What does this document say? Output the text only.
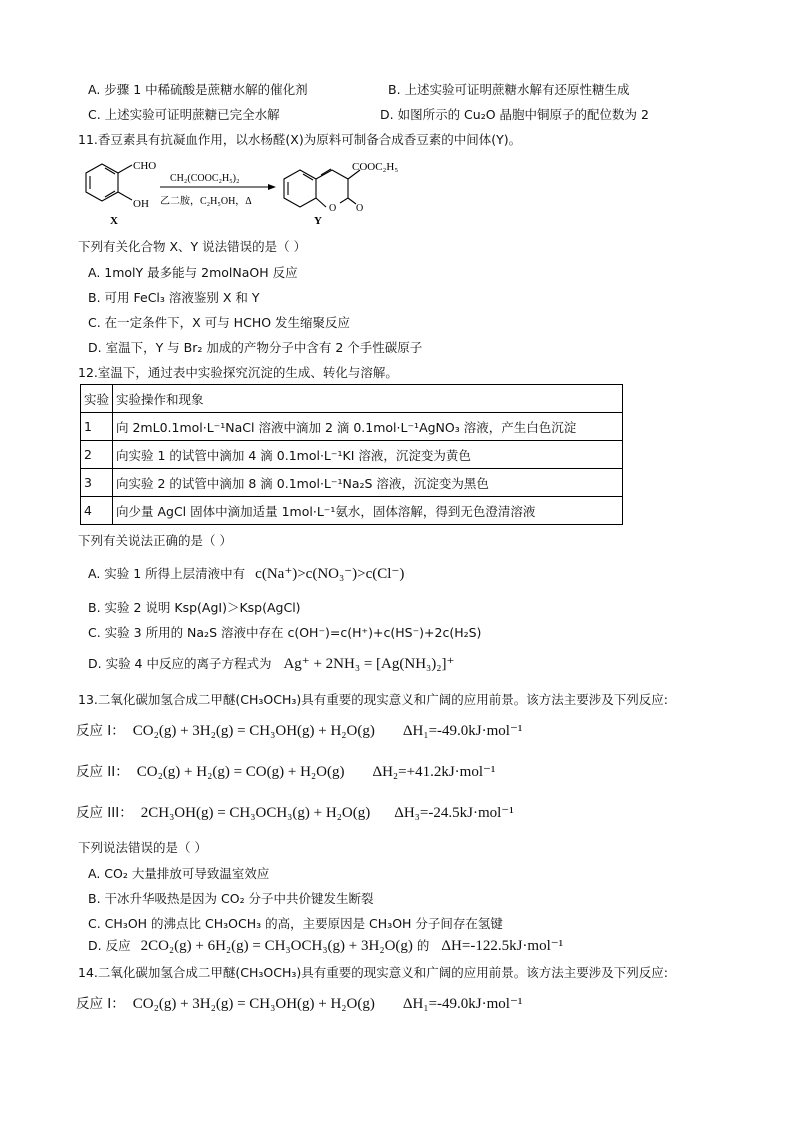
A. 步骤 1 中稀硫酸是蔗糖水解的催化剂	B. 上述实验可证明蔗糖水解有还原性糖生成
C. 上述实验可证明蔗糖已完全水解	D. 如图所示的 Cu₂O 晶胞中铜原子的配位数为 2
11.香豆素具有抗凝血作用，以水杨醛(X)为原料可制备合成香豆素的中间体(Y)。
CHO
OH
X
CH₂(COOC₂H₅)₂
乙二胺，C₂H₅OH，Δ
O O
COOC₂H₅
Y
下列有关化合物 X、Y 说法错误的是（ ）
A. 1molY 最多能与 2molNaOH 反应
B. 可用 FeCl₃ 溶液鉴别 X 和 Y
C. 在一定条件下，X 可与 HCHO 发生缩聚反应
D. 室温下，Y 与 Br₂ 加成的产物分子中含有 2 个手性碳原子
12.室温下，通过表中实验探究沉淀的生成、转化与溶解。
实验	实验操作和现象
1	向 2mL0.1mol·L⁻¹NaCl 溶液中滴加 2 滴 0.1mol·L⁻¹AgNO₃ 溶液，产生白色沉淀
2	向实验 1 的试管中滴加 4 滴 0.1mol·L⁻¹KI 溶液，沉淀变为黄色
3	向实验 2 的试管中滴加 8 滴 0.1mol·L⁻¹Na₂S 溶液，沉淀变为黑色
4	向少量 AgCl 固体中滴加适量 1mol·L⁻¹氨水，固体溶解，得到无色澄清溶液
下列有关说法正确的是（ ）
A. 实验 1 所得上层清液中有 c(Na⁺)>c(NO₃⁻)>c(Cl⁻)
B. 实验 2 说明 Ksp(AgI)＞Ksp(AgCl)
C. 实验 3 所用的 Na₂S 溶液中存在 c(OH⁻)=c(H⁺)+c(HS⁻)+2c(H₂S)
D. 实验 4 中反应的离子方程式为 Ag⁺ + 2NH₃ = [Ag(NH₃)₂]⁺
13.二氧化碳加氢合成二甲醚(CH₃OCH₃)具有重要的现实意义和广阔的应用前景。该方法主要涉及下列反应:
反应 I： CO₂(g) + 3H₂(g) = CH₃OH(g) + H₂O(g) ΔH₁=-49.0kJ·mol⁻¹
反应 II： CO₂(g) + H₂(g) = CO(g) + H₂O(g) ΔH₂=+41.2kJ·mol⁻¹
反应 III： 2CH₃OH(g) = CH₃OCH₃(g) + H₂O(g) ΔH₃=-24.5kJ·mol⁻¹
下列说法错误的是（ ）
A. CO₂ 大量排放可导致温室效应
B. 干冰升华吸热是因为 CO₂ 分子中共价键发生断裂
C. CH₃OH 的沸点比 CH₃OCH₃ 的高，主要原因是 CH₃OH 分子间存在氢键
D. 反应 2CO₂(g) + 6H₂(g) = CH₃OCH₃(g) + 3H₂O(g) 的 ΔH=-122.5kJ·mol⁻¹
14.二氧化碳加氢合成二甲醚(CH₃OCH₃)具有重要的现实意义和广阔的应用前景。该方法主要涉及下列反应:
反应 I： CO₂(g) + 3H₂(g) = CH₃OH(g) + H₂O(g) ΔH₁=-49.0kJ·mol⁻¹
